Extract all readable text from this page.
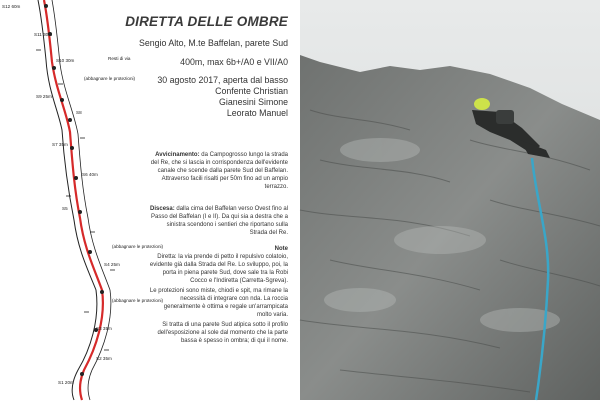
S12 60m
S11 30m
S10 30m
S9 25m
S8
S7 35m
S6 40m
S5
S4 25m
S3 35m
S2 35m
S1 20m
Resti di via
(abbagnare le protezioni)
(abbagnare le protezioni)
(abbagnare le protezioni)
DIRETTA DELLE OMBRE
Sengio Alto, M.te Baffelan, parete Sud
400m, max 6b+/A0 e VII/A0
30 agosto 2017, aperta dal basso
Confente Christian
Gianesini Simone
Leorato Manuel
Avvicinamento: da Campogrosso lungo la strada del Re, che si lascia in corrispondenza dell'evidente canale che scende dalla parete Sud del Baffelan. Attraverso facili risalti per 50m fino ad un ampio terrazzo.
Discesa: dalla cima del Baffelan verso Ovest fino al Passo del Baffelan (I e II). Da qui sia a destra che a sinistra scendono i sentieri che riportano sulla Strada del Re.
Note
Diretta: la via prende di petto il repulsivo colatoio, evidente già dalla Strada del Re. Lo sviluppo, poi, la porta in piena parete Sud, dove sale tra la Robi Cocco e l'Indiretta (Carretta-Sgreva).
Le protezioni sono miste, chiodi e spit, ma rimane la necessità di integrare con nda. La roccia generalmente è ottima e regale un'arrampicata molto varia.
Si tratta di una parete Sud atipica sotto il profilo dell'esposizione al sole dal momento che la parte bassa è spesso in ombra; di qui il nome.
